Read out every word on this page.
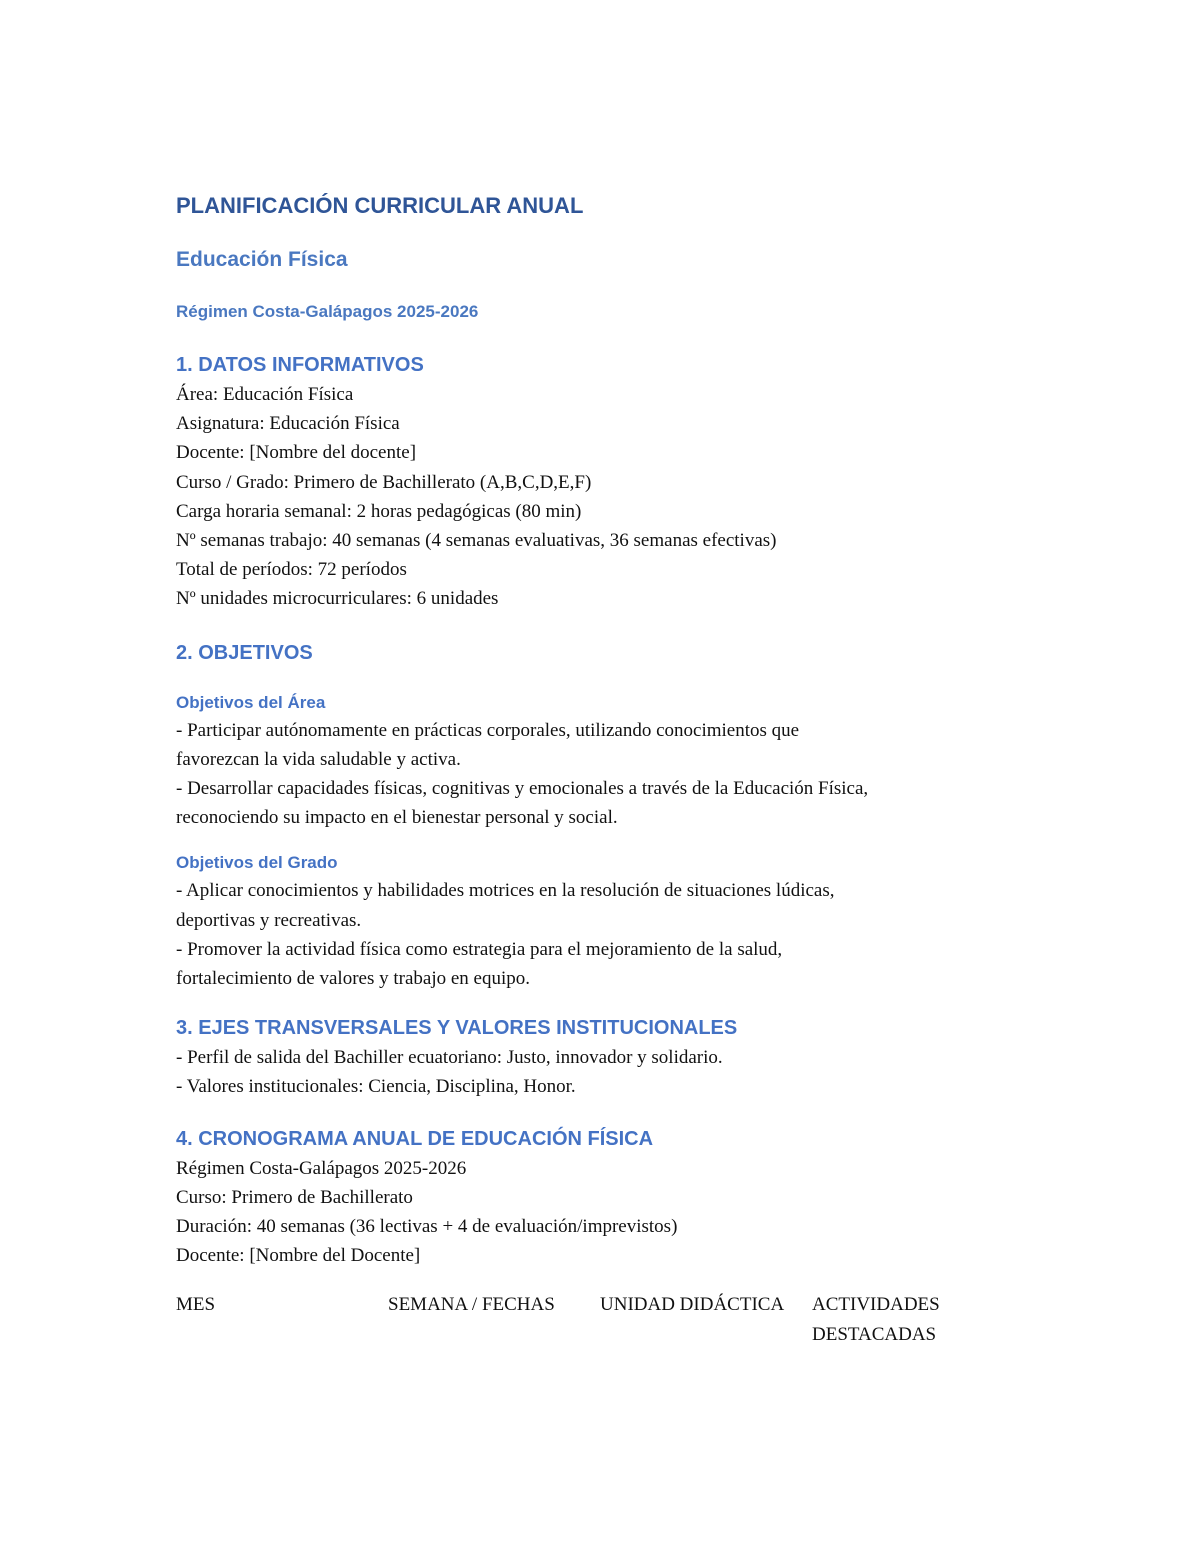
PLANIFICACIÓN CURRICULAR ANUAL
Educación Física
Régimen Costa-Galápagos 2025-2026
1. DATOS INFORMATIVOS
Área: Educación Física
Asignatura: Educación Física
Docente: [Nombre del docente]
Curso / Grado: Primero de Bachillerato (A,B,C,D,E,F)
Carga horaria semanal: 2 horas pedagógicas (80 min)
Nº semanas trabajo: 40 semanas (4 semanas evaluativas, 36 semanas efectivas)
Total de períodos: 72 períodos
Nº unidades microcurriculares: 6 unidades
2. OBJETIVOS
Objetivos del Área
- Participar autónomamente en prácticas corporales, utilizando conocimientos que
favorezcan la vida saludable y activa.
- Desarrollar capacidades físicas, cognitivas y emocionales a través de la Educación Física,
reconociendo su impacto en el bienestar personal y social.
Objetivos del Grado
- Aplicar conocimientos y habilidades motrices en la resolución de situaciones lúdicas,
deportivas y recreativas.
- Promover la actividad física como estrategia para el mejoramiento de la salud,
fortalecimiento de valores y trabajo en equipo.
3. EJES TRANSVERSALES Y VALORES INSTITUCIONALES
- Perfil de salida del Bachiller ecuatoriano: Justo, innovador y solidario.
- Valores institucionales: Ciencia, Disciplina, Honor.
4. CRONOGRAMA ANUAL DE EDUCACIÓN FÍSICA
Régimen Costa-Galápagos 2025-2026
Curso: Primero de Bachillerato
Duración: 40 semanas (36 lectivas + 4 de evaluación/imprevistos)
Docente: [Nombre del Docente]
MES	SEMANA / FECHAS UNIDAD DIDÁCTICA ACTIVIDADES DESTACADAS
